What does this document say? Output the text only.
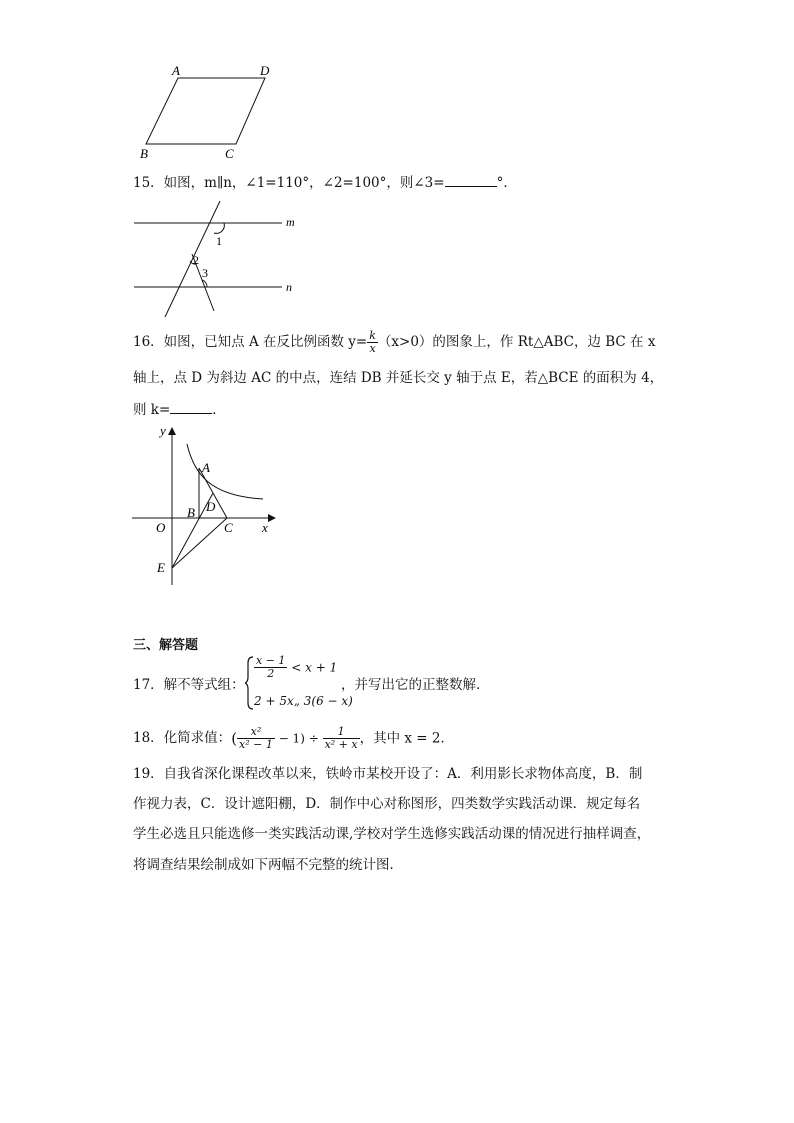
A	D
B	C
15．如图，m∥n，∠1=110°，∠2=100°，则∠3=	°．
m
n
1
2
3
16．如图，已知点 A 在反比例函数 $y= \frac{k}{x} (x>0)$的图象上，作 Rt△ABC，边 BC 在 x
轴上，点 D 为斜边 AC 的中点，连结 DB 并延长交 y 轴于点 E，若△BCE 的面积为 4，
则 k=	．
y
x
O
A
B D
C
E
三、解答题
17．解不等式组：
$\frac{x - 1}{2} < x + 1$
2 + 5x„ 3(6 − x)
，并写出它的正整数解．
18．化简求值：( $\frac{\text{x²}}{\text{x² − 1}} - 1) \div \frac{1}{\text{x² + x}}$ ，其中 x = 2．
19．自我省深化课程改革以来，铁岭市某校开设了：A．利用影长求物体高度，B．制
作视力表，C．设计遮阳棚，D．制作中心对称图形，四类数学实践活动课．规定每名
学生必选且只能选修一类实践活动课,学校对学生选修实践活动课的情况进行抽样调查，
将调查结果绘制成如下两幅不完整的统计图．
